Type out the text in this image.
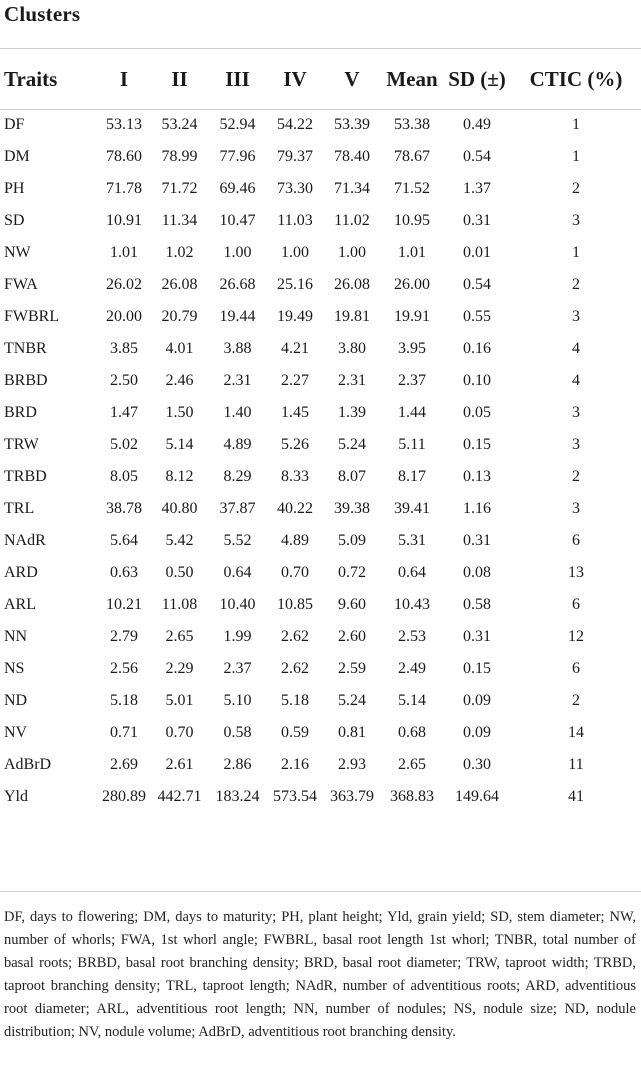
Clusters
Traits	I	II	III	IV	V	Mean	SD (±)	CTIC (%)
DF	53.13	53.24	52.94	54.22	53.39	53.38	0.49	1
DM	78.60	78.99	77.96	79.37	78.40	78.67	0.54	1
PH	71.78	71.72	69.46	73.30	71.34	71.52	1.37	2
SD	10.91	11.34	10.47	11.03	11.02	10.95	0.31	3
NW	1.01	1.02	1.00	1.00	1.00	1.01	0.01	1
FWA	26.02	26.08	26.68	25.16	26.08	26.00	0.54	2
FWBRL	20.00	20.79	19.44	19.49	19.81	19.91	0.55	3
TNBR	3.85	4.01	3.88	4.21	3.80	3.95	0.16	4
BRBD	2.50	2.46	2.31	2.27	2.31	2.37	0.10	4
BRD	1.47	1.50	1.40	1.45	1.39	1.44	0.05	3
TRW	5.02	5.14	4.89	5.26	5.24	5.11	0.15	3
TRBD	8.05	8.12	8.29	8.33	8.07	8.17	0.13	2
TRL	38.78	40.80	37.87	40.22	39.38	39.41	1.16	3
NAdR	5.64	5.42	5.52	4.89	5.09	5.31	0.31	6
ARD	0.63	0.50	0.64	0.70	0.72	0.64	0.08	13
ARL	10.21	11.08	10.40	10.85	9.60	10.43	0.58	6
NN	2.79	2.65	1.99	2.62	2.60	2.53	0.31	12
NS	2.56	2.29	2.37	2.62	2.59	2.49	0.15	6
ND	5.18	5.01	5.10	5.18	5.24	5.14	0.09	2
NV	0.71	0.70	0.58	0.59	0.81	0.68	0.09	14
AdBrD	2.69	2.61	2.86	2.16	2.93	2.65	0.30	11
Yld	280.89	442.71	183.24	573.54	363.79	368.83	149.64	41
DF, days to flowering; DM, days to maturity; PH, plant height; Yld, grain yield; SD, stem diameter; NW, number of whorls; FWA, 1st whorl angle; FWBRL, basal root length 1st whorl; TNBR, total number of basal roots; BRBD, basal root branching density; BRD, basal root diameter; TRW, taproot width; TRBD, taproot branching density; TRL, taproot length; NAdR, number of adventitious roots; ARD, adventitious root diameter; ARL, adventitious root length; NN, number of nodules; NS, nodule size; ND, nodule distribution; NV, nodule volume; AdBrD, adventitious root branching density.
